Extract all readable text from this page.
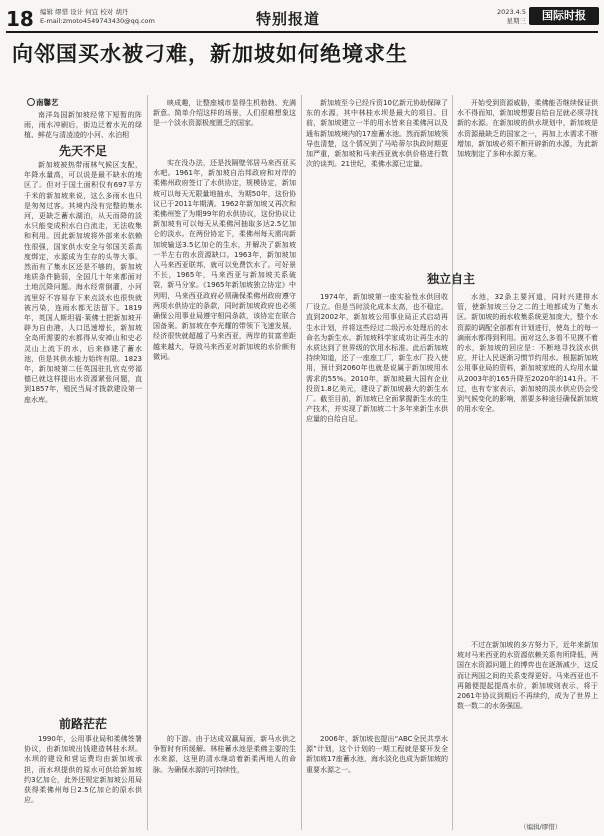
18 编辑 缪惜 设计 何宜 校对 胡丹
E-mail:zmoto4549743430@qq.com	特别报道	2023.4.5
星期三	国际时报
向邻国买水被刁难，新加坡如何绝境求生
南馨艺

南洋岛国新加坡经常下短暂的阵雨，雨水冲刷后，街边泛着水光的绿植、鲜花与清凌凌的小河、水泊相

先天不足

新加坡被热带雨林气候区支配，年降水量高，可以说是最不缺水的地区了。但对于国土面积仅有697平方千米的新加坡来说，这么多雨水也只是匆匆过客。其境内没有完整的集水河，更缺乏蓄水湖泊，从天而降的淡水只能变成积水白白流走，无法收集和利用。因此新加坡将外部来水依赖性很强，国家供水安全与邻国关系高度绑定，水源成为生存的头等大事。然而有了集水区还是不够的，新加坡地质条件脆弱，全国几十年来都面对土地沉降问题。海水经常倒灌，小河流里好不容易存下来点淡水也很快就被污染，连雨水都无法留下。1819年，英国人斯坦福·莱佛士把新加坡开辟为自由港，人口迅速增长，新加坡全岛所需要的水都得从安禅山和史必灵山上流下的水，后来修建了蓄水池，但是其供水能力始终有限。1823年，新加坡第二任英国驻扎官克劳福德已就这样提出水资源紧张问题，直到1857年，殖民当局才拨款建设第一座水库。

前路茫茫

1990年，公用事业局和柔佛签署协议，由新加坡出钱建造林桂水坝。水坝的建设和营运费均由新加坡承担，而水坝提供的原水可供给新加坡约3亿加仑，此外还规定新加坡公用局获得柔佛州每日2.5亿加仑的原水供应。

映成趣，让整座城市显得生机勃勃、充满新意。简单介绍这样的场景，人们很难想象这是一个淡水资源极度匮乏的国家。

实在没办法，还是找隔壁邻居马来西亚买水吧。1961年，新加坡自治邦政府和对岸的柔佛州政府签订了水供协定，规模协定，新加坡可以每天无限量地抽水，为期50年，这份协议已于2011年期满。1962年新加坡又再次和柔佛州签了为期99年的水供协议，这份协议让新加坡有可以每天从柔佛河抽取多达2.5亿加仑的淡水。在两份协定下，柔佛州每天需向新加坡输送3.5亿加仑的生水，并解决了新加坡一半左右的水资源缺口。1963年，新加坡加入马来西亚联邦，就可以免费饮水了。可好景不长，1965年，马来西亚与新加坡关系破裂，新马分家。《1965年新加坡独立协定》中列明，马来西亚政府必须确保柔佛州政府遵守两项水供协定的条款，同时新加坡政府也必须确保公用事业局遵守相同条款，该协定在联合国备案。新加坡在李光耀的带领下飞速发展，经济很快就超越了马来西亚，两岸的贫富差距越来越大，导致马来西亚对新加坡的水价颇有微词。

的下游。由于达成双赢局面，新马水供之争暂时有所缓解。林桂蓄水池是柔佛主要的生水来源，这里的清水继动着新柔两地人的命脉。为确保水源的可持续性，

新加坡至今已经斥资10亿新元协助保障了东的水源，其中林桂水坝是最大的项目。目前，新加坡建立一半的用水皆来自柔佛河以及通布新加坡境内的17座蓄水池。然而新加坡领导也清楚，这个情况到了马哈蒂尔执政时期更加严重，新加坡和马来西亚就水供价格进行数次的谈判。21世纪，柔佛水源已定量。

独立自主

1974年，新加坡第一座实验性水供回收厂设立。但是当时淡化成本太高，也不稳定。直到2002年，新加坡公用事业局正式启动再生水计划，并将这些经过二级污水处理后的水命名为新生水。新加坡科学家成功让再生水的水质达到了世界级的饮用水标准。此后新加坡持续知道，还了一座座工厂，新生水厂投入使用，预计到2060年也就是说属于新加坡用水需求的55%。2010年，新加坡最大国有企业投资1.8亿美元，建设了新加坡最大的新生水厂。截至目前，新加坡已全面掌握新生水的生产技术，并实现了新加坡二十多年来新生水供应量的自给自足。

2006年，新加坡也提出“ABC全民共享水源”计划，这个计划的一期工程就是要开发全新加坡17座蓄水池，海水淡化也成为新加坡的重要水源之一。

开始受到资源威胁，柔佛能否继续保证供水不得而知，新加坡想要自给自足就必须寻找新的水源。在新加坡的供水规划中，新加坡是水资源最缺乏的国家之一，再加上水需求不断增加，新加坡必须不断开辟新的水源，为此新加坡制定了多种水源方案。

水池，32条主要河道，同时兴建排水管，使新加坡三分之二的土地都成为了集水区。新加坡的雨水收集系统更加庞大，整个水资源的调配全部都有计划进行，使岛上的每一滴雨水都得到利用。面对这么多看不见摸不着的水，新加坡的回应是：不断地寻找淡水供应，并让人民逐渐习惯节约用水。根据新加坡公用事业局的资料，新加坡家庭的人均用水量从2003年的165升降至2020年的141升。不过，也有专家表示，新加坡的淡水供应仍会受到气候变化的影响，需要多种途径确保新加坡的用水安全。

不过在新加坡的多方努力下，近年来新加坡对马来西亚的水资源依赖关系有所降低，两国在水资源问题上的博弈也在逐渐减少，这反而让两国之间的关系变得更好。马来西亚也不再随便提起提高水价，新加坡则表示，将于2061年协议到期后不再续约，成为了世界上数一数二的水务强国。

（编辑/缪惜）
